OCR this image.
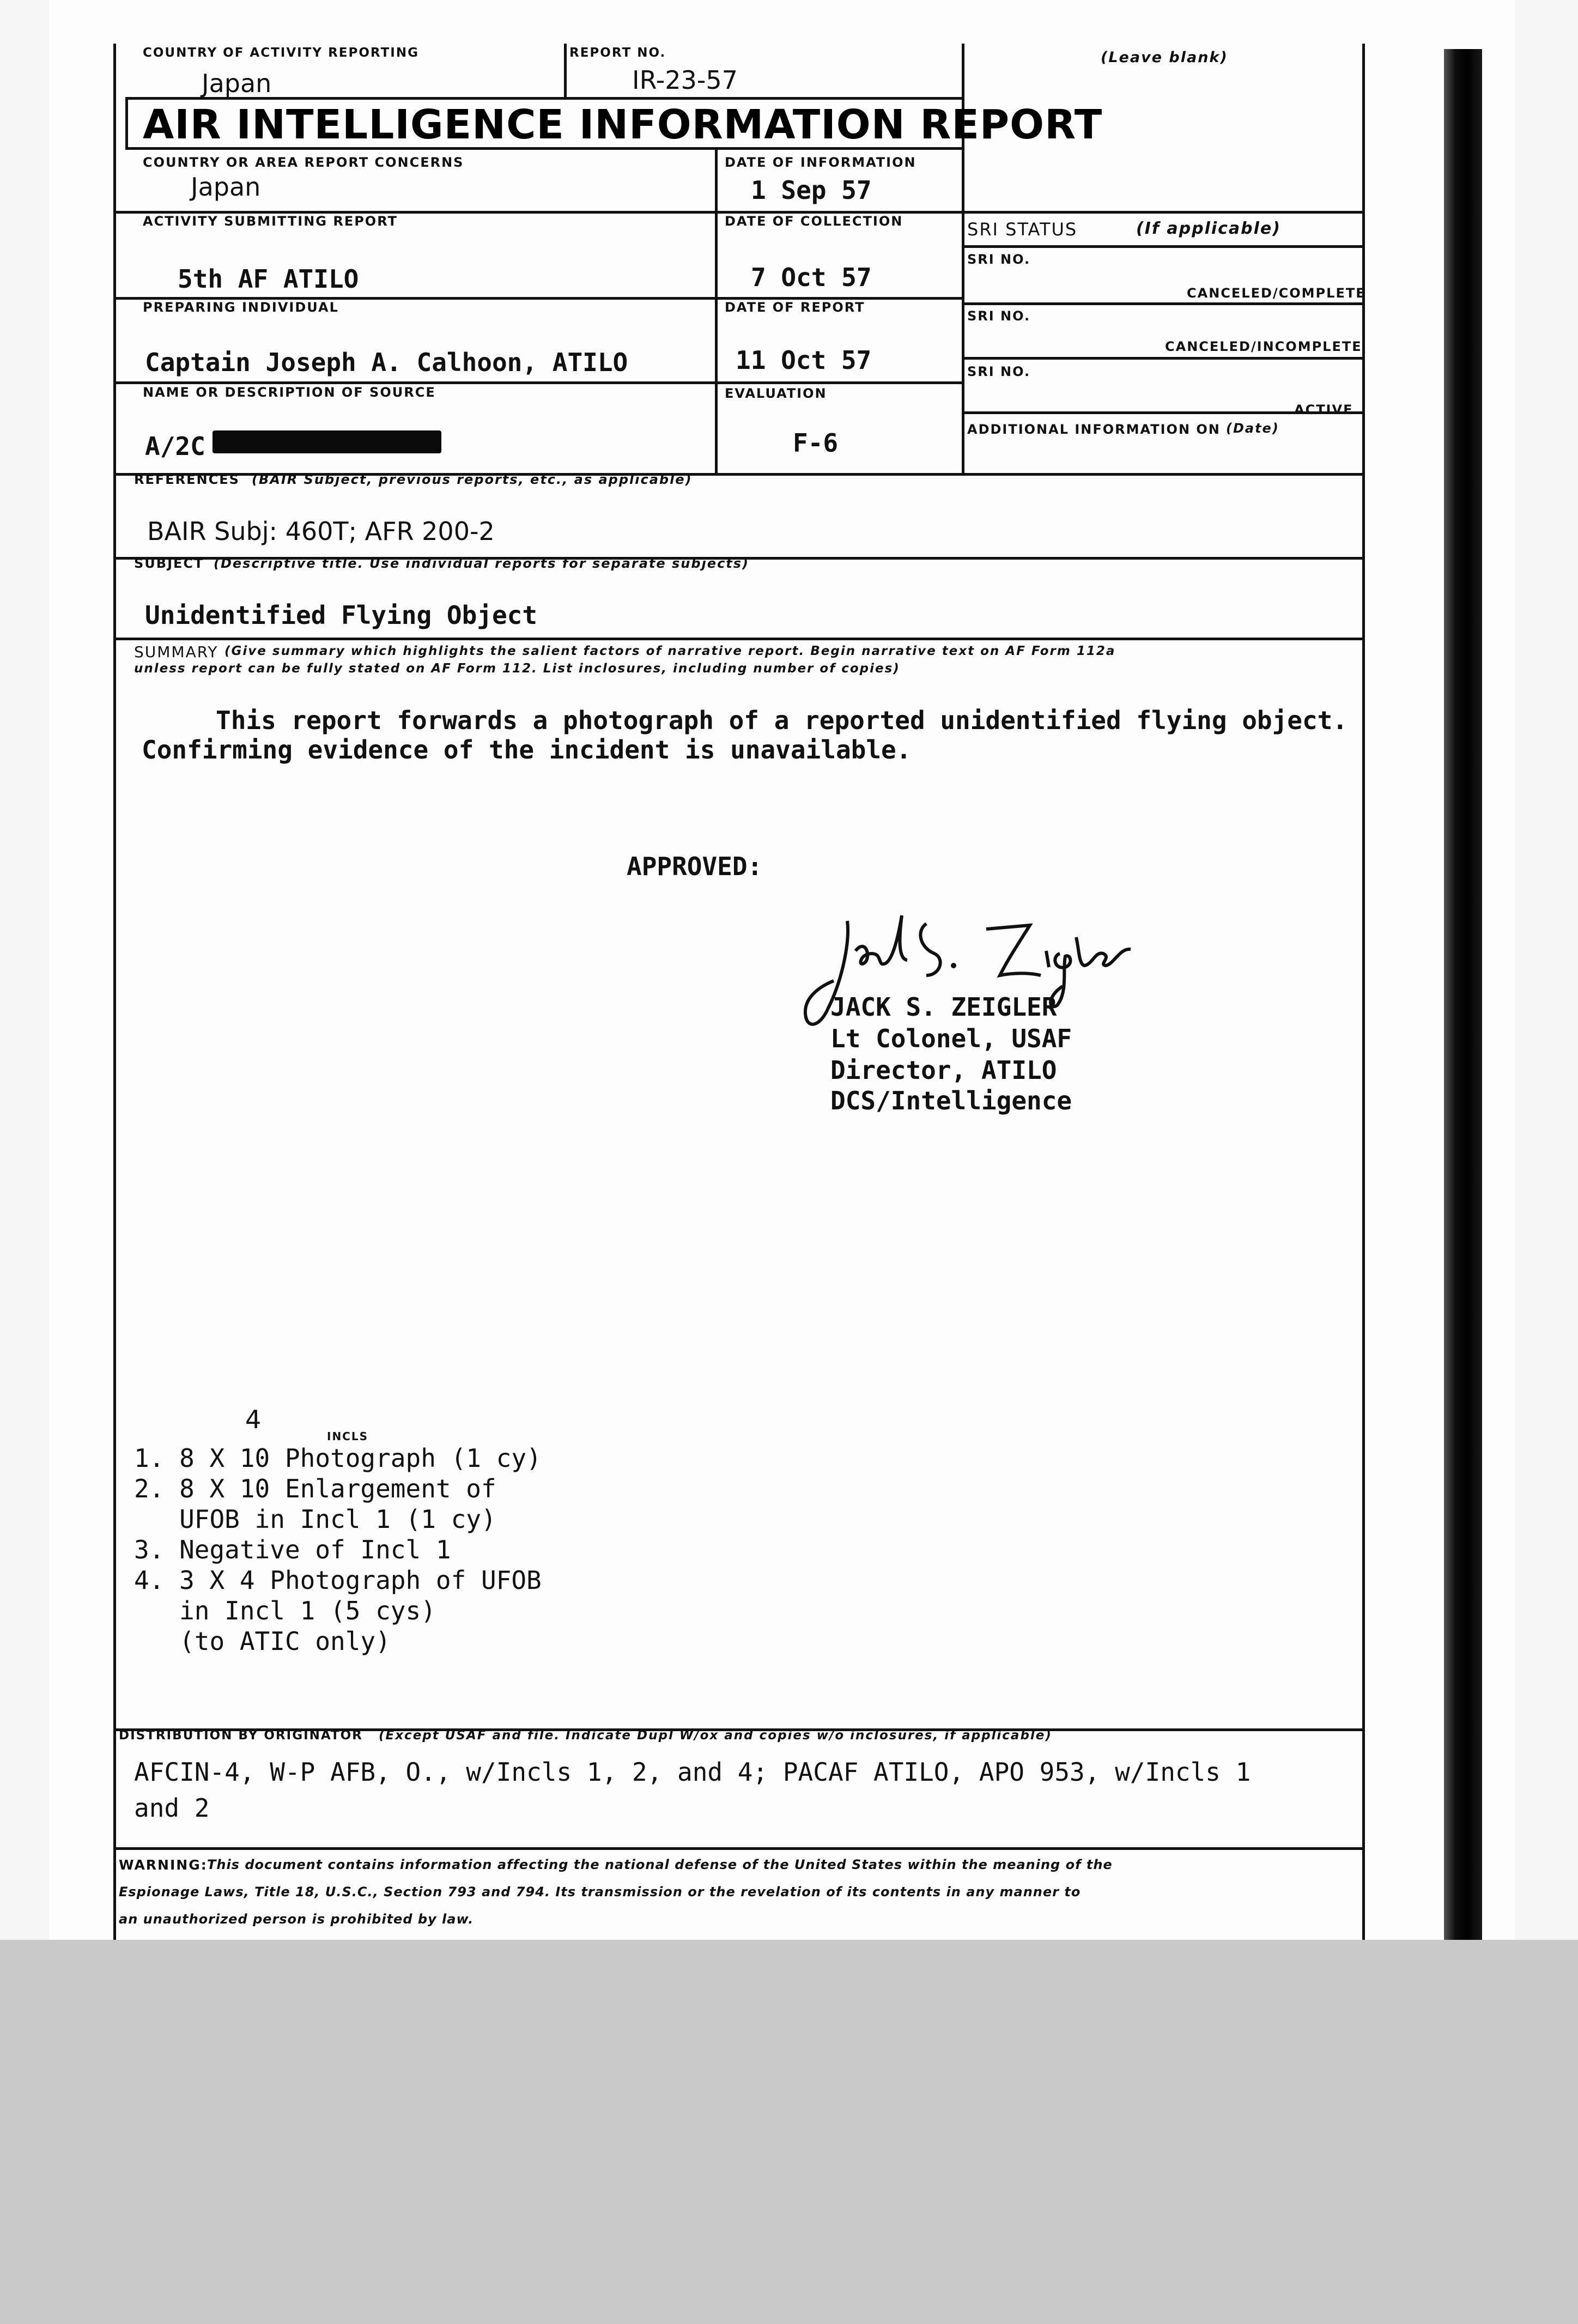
COUNTRY OF ACTIVITY REPORTING
Japan
REPORT NO.
IR-23-57
(Leave blank)
AIR INTELLIGENCE INFORMATION REPORT
COUNTRY OR AREA REPORT CONCERNS
Japan
DATE OF INFORMATION
1 Sep 57
ACTIVITY SUBMITTING REPORT
5th AF ATILO
DATE OF COLLECTION
7 Oct 57
PREPARING INDIVIDUAL
Captain Joseph A. Calhoon, ATILO
DATE OF REPORT
11 Oct 57
NAME OR DESCRIPTION OF SOURCE
A/2C
EVALUATION
F-6
SRI STATUS	(If applicable)
SRI NO.
CANCELED/COMPLETE
SRI NO.
CANCELED/INCOMPLETE
SRI NO.
ACTIVE
ADDITIONAL INFORMATION ON (Date)
REFERENCES (BAIR Subject, previous reports, etc., as applicable)
BAIR Subj: 460T; AFR 200-2
SUBJECT (Descriptive title. Use individual reports for separate subjects)
Unidentified Flying Object
SUMMARY (Give summary which highlights the salient factors of narrative report. Begin narrative text on AF Form 112a
unless report can be fully stated on AF Form 112. List inclosures, including number of copies)
This report forwards a photograph of a reported unidentified flying object.
Confirming evidence of the incident is unavailable.
APPROVED:
JACK S. ZEIGLER
Lt Colonel, USAF
Director, ATILO
DCS/Intelligence
4
INCLS
1. 8 X 10 Photograph (1 cy)
2. 8 X 10 Enlargement of
UFOB in Incl 1 (1 cy)
3. Negative of Incl 1
4. 3 X 4 Photograph of UFOB
in Incl 1 (5 cys)
(to ATIC only)
DISTRIBUTION BY ORIGINATOR (Except USAF and file. Indicate Dupl W/ox and copies w/o inclosures, if applicable)
AFCIN-4, W-P AFB, O., w/Incls 1, 2, and 4; PACAF ATILO, APO 953, w/Incls 1
and 2
WARNING: This document contains information affecting the national defense of the United States within the meaning of the
Espionage Laws, Title 18, U.S.C., Section 793 and 794. Its transmission or the revelation of its contents in any manner to
an unauthorized person is prohibited by law.
